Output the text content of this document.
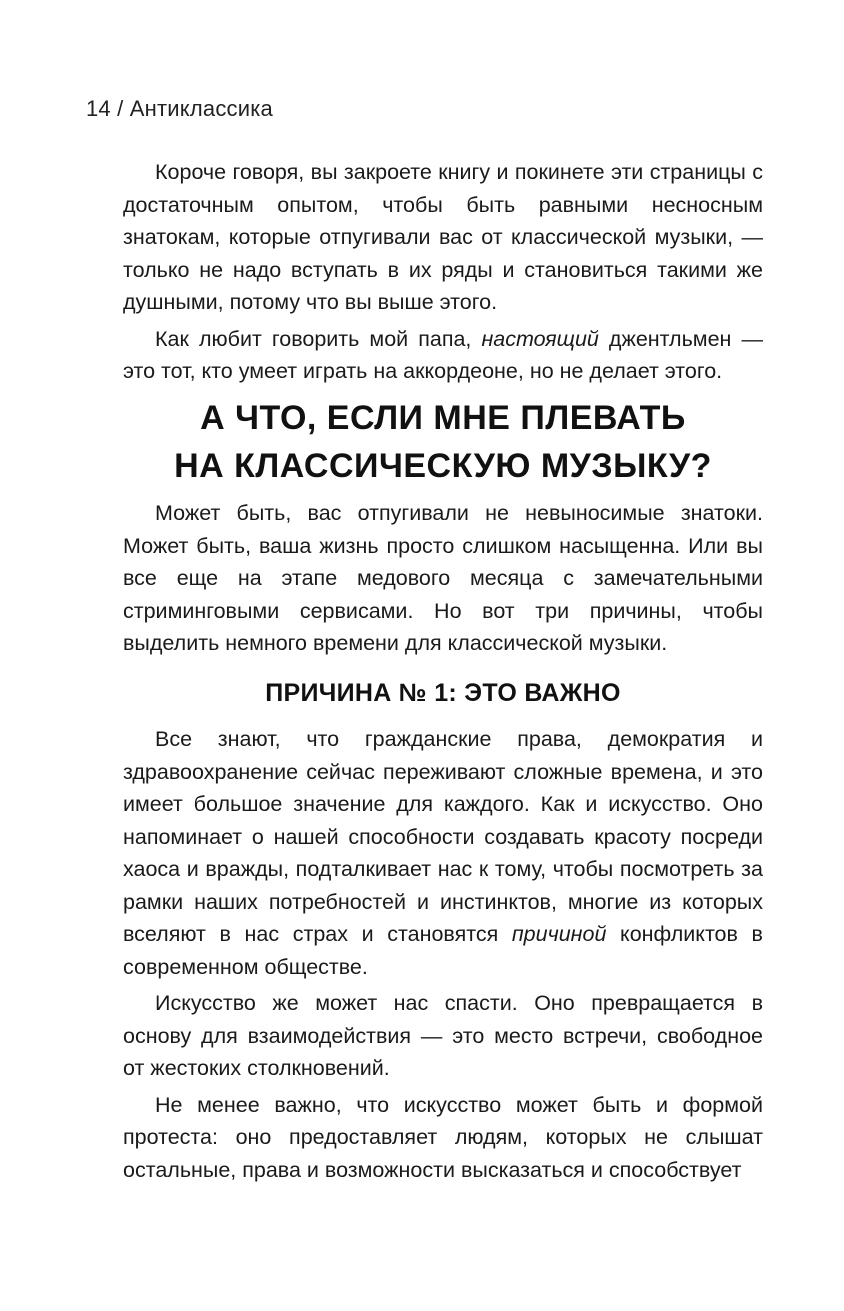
14 / Антиклассика

Короче говоря, вы закроете книгу и покинете эти страницы с достаточным опытом, чтобы быть равными несносным знатокам, которые отпугивали вас от классической музыки, — только не надо вступать в их ряды и становиться такими же душными, потому что вы выше этого.

Как любит говорить мой папа, настоящий джентльмен — это тот, кто умеет играть на аккордеоне, но не делает этого.

А ЧТО, ЕСЛИ МНЕ ПЛЕВАТЬ
НА КЛАССИЧЕСКУЮ МУЗЫКУ?

Может быть, вас отпугивали не невыносимые знатоки. Может быть, ваша жизнь просто слишком насыщенна. Или вы все еще на этапе медового месяца с замечательными стриминговыми сервисами. Но вот три причины, чтобы выделить немного времени для классической музыки.

ПРИЧИНА № 1: ЭТО ВАЖНО

Все знают, что гражданские права, демократия и здравоохранение сейчас переживают сложные времена, и это имеет большое значение для каждого. Как и искусство. Оно напоминает о нашей способности создавать красоту посреди хаоса и вражды, подталкивает нас к тому, чтобы посмотреть за рамки наших потребностей и инстинктов, многие из которых вселяют в нас страх и становятся причиной конфликтов в современном обществе.

Искусство же может нас спасти. Оно превращается в основу для взаимодействия — это место встречи, свободное от жестоких столкновений.

Не менее важно, что искусство может быть и формой протеста: оно предоставляет людям, которых не слышат остальные, права и возможности высказаться и способствует
